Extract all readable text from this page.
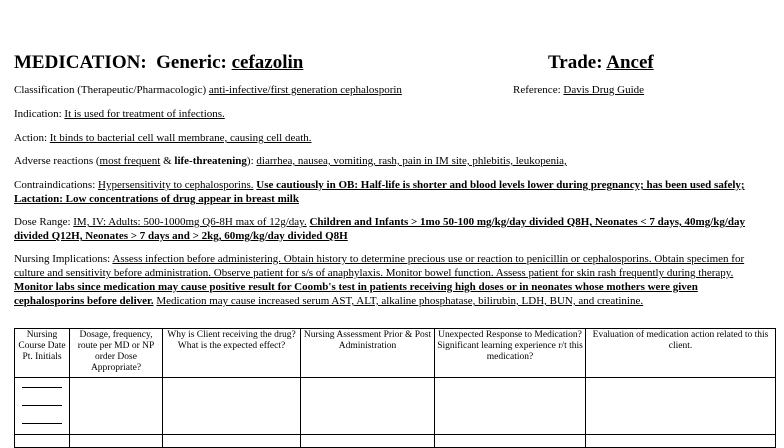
MEDICATION: Generic: cefazolin	Trade: Ancef
Classification (Therapeutic/Pharmacologic) anti-infective/first generation cephalosporin	Reference: Davis Drug Guide
Indication: It is used for treatment of infections.
Action: It binds to bacterial cell wall membrane, causing cell death.
Adverse reactions (most frequent & life-threatening): diarrhea, nausea, vomiting, rash, pain in IM site, phlebitis, leukopenia,
Contraindications: Hypersensitivity to cephalosporins. Use cautiously in OB: Half-life is shorter and blood levels lower during pregnancy; has been used safely; Lactation: Low concentrations of drug appear in breast milk
Dose Range: IM, IV: Adults: 500-1000mg Q6-8H max of 12g/day. Children and Infants > 1mo 50-100 mg/kg/day divided Q8H, Neonates < 7 days, 40mg/kg/day divided Q12H, Neonates > 7 days and > 2kg, 60mg/kg/day divided Q8H
Nursing Implications: Assess infection before administering. Obtain history to determine precious use or reaction to penicillin or cephalosporins. Obtain specimen for culture and sensitivity before administration. Observe patient for s/s of anaphylaxis. Monitor bowel function. Assess patient for skin rash frequently during therapy. Monitor labs since medication may cause positive result for Coomb's test in patients receiving high doses or in neonates whose mothers were given cephalosporins before deliver. Medication may cause increased serum AST, ALT, alkaline phosphatase, bilirubin, LDH, BUN, and creatinine.
Nursing Course Date Pt. Initials	Dosage, frequency, route per MD or NP order Dose Appropriate?	Why is Client receiving the drug? What is the expected effect?	Nursing Assessment Prior & Post Administration	Unexpected Response to Medication? Significant learning experience r/t this medication?	Evaluation of medication action related to this client.
